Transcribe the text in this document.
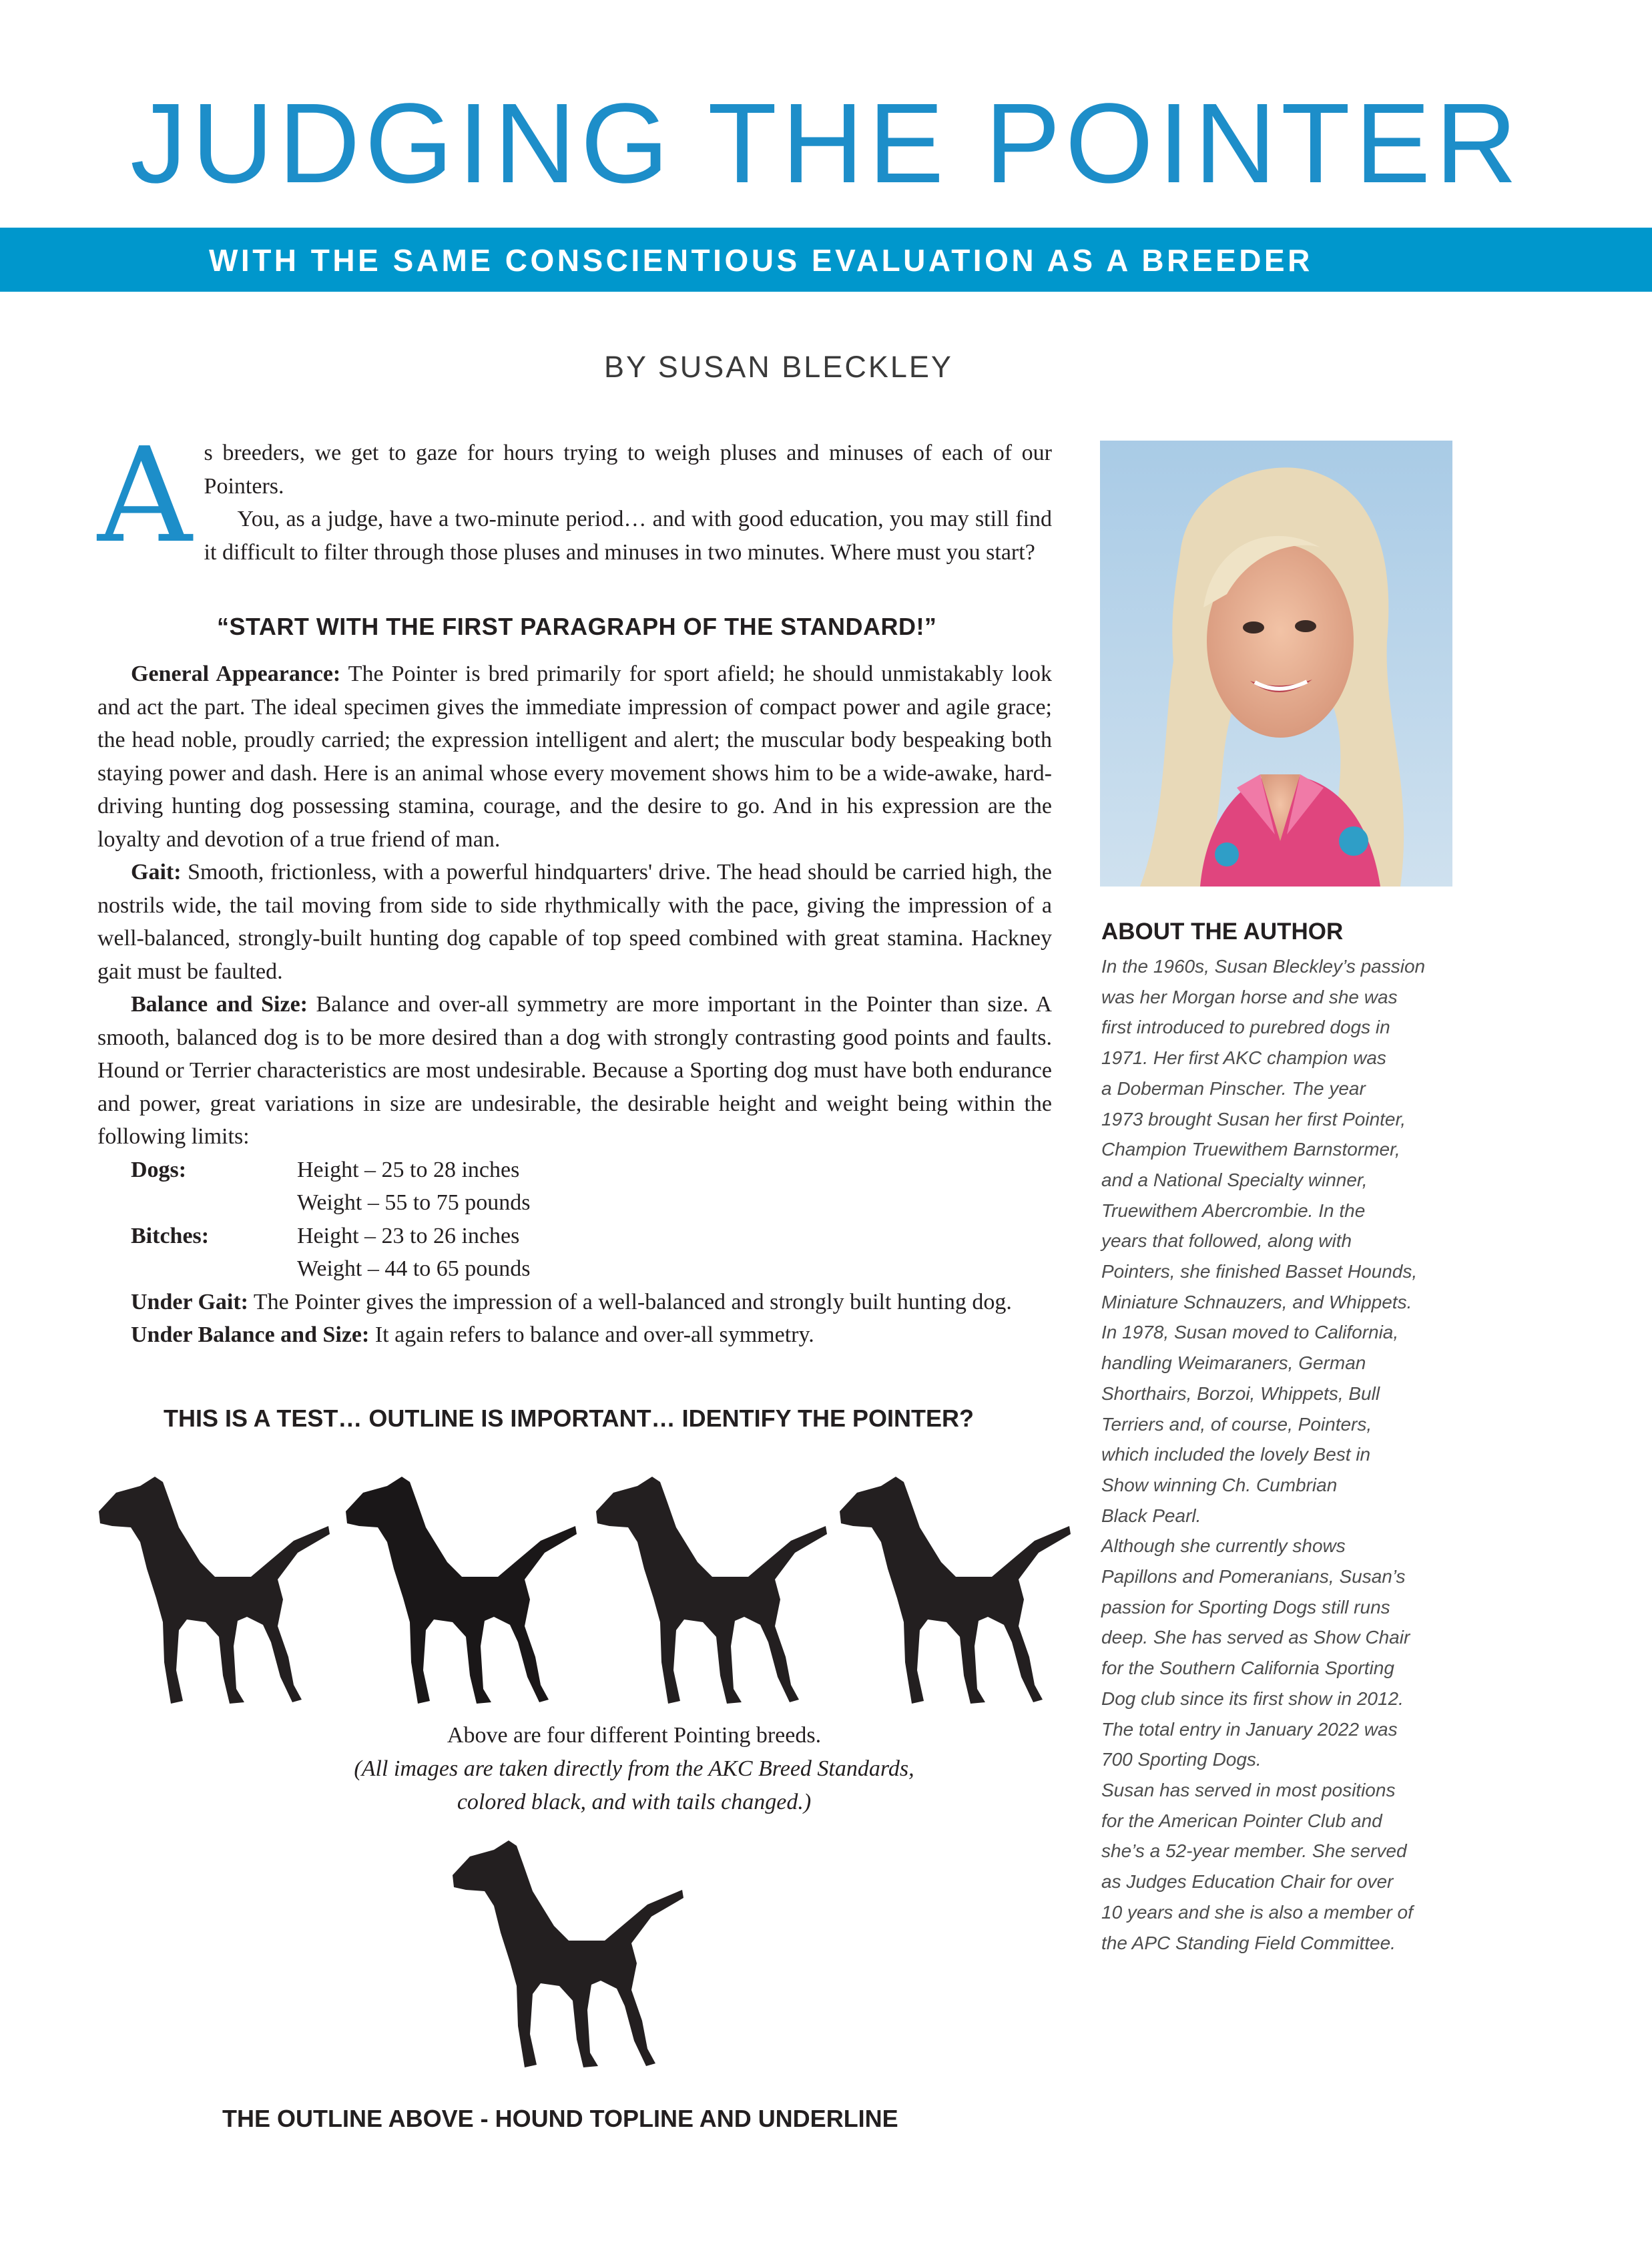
JUDGING THE POINTER
WITH THE SAME CONSCIENTIOUS EVALUATION AS A BREEDER
BY SUSAN BLECKLEY
A s breeders, we get to gaze for hours trying to weigh pluses and minuses of each of our Pointers.

You, as a judge, have a two-minute period… and with good education, you may still find it difficult to filter through those pluses and minuses in two minutes. Where must you start?

“START WITH THE FIRST PARAGRAPH OF THE STANDARD!”

General Appearance: The Pointer is bred primarily for sport afield; he should unmistakably look and act the part. The ideal specimen gives the immediate impression of compact power and agile grace; the head noble, proudly carried; the expression intelligent and alert; the muscular body bespeaking both staying power and dash. Here is an animal whose every movement shows him to be a wide-awake, hard-driving hunting dog possessing stamina, courage, and the desire to go. And in his expression are the loyalty and devotion of a true friend of man.

Gait: Smooth, frictionless, with a powerful hindquarters' drive. The head should be carried high, the nostrils wide, the tail moving from side to side rhythmically with the pace, giving the impression of a well-balanced, strongly-built hunting dog capable of top speed combined with great stamina. Hackney gait must be faulted.

Balance and Size: Balance and over-all symmetry are more important in the Pointer than size. A smooth, balanced dog is to be more desired than a dog with strongly contrasting good points and faults. Hound or Terrier characteristics are most undesirable. Because a Sporting dog must have both endurance and power, great variations in size are undesirable, the desirable height and weight being within the following limits:

Dogs:	Height – 25 to 28 inches
Weight – 55 to 75 pounds
Bitches:	Height – 23 to 26 inches
Weight – 44 to 65 pounds

Under Gait: The Pointer gives the impression of a well-balanced and strongly built hunting dog.

Under Balance and Size: It again refers to balance and over-all symmetry.

THIS IS A TEST… OUTLINE IS IMPORTANT… IDENTIFY THE POINTER?
Above are four different Pointing breeds.
(All images are taken directly from the AKC Breed Standards,
colored black, and with tails changed.)
THE OUTLINE ABOVE - HOUND TOPLINE AND UNDERLINE
ABOUT THE AUTHOR
In the 1960s, Susan Bleckley’s passion
was her Morgan horse and she was
first introduced to purebred dogs in
1971. Her first AKC champion was
a Doberman Pinscher. The year
1973 brought Susan her first Pointer,
Champion Truewithem Barnstormer,
and a National Specialty winner,
Truewithem Abercrombie. In the
years that followed, along with
Pointers, she finished Basset Hounds,
Miniature Schnauzers, and Whippets.
In 1978, Susan moved to California,
handling Weimaraners, German
Shorthairs, Borzoi, Whippets, Bull
Terriers and, of course, Pointers,
which included the lovely Best in
Show winning Ch. Cumbrian
Black Pearl.
Although she currently shows
Papillons and Pomeranians, Susan’s
passion for Sporting Dogs still runs
deep. She has served as Show Chair
for the Southern California Sporting
Dog club since its first show in 2012.
The total entry in January 2022 was
700 Sporting Dogs.
Susan has served in most positions
for the American Pointer Club and
she’s a 52-year member. She served
as Judges Education Chair for over
10 years and she is also a member of
the APC Standing Field Committee.
